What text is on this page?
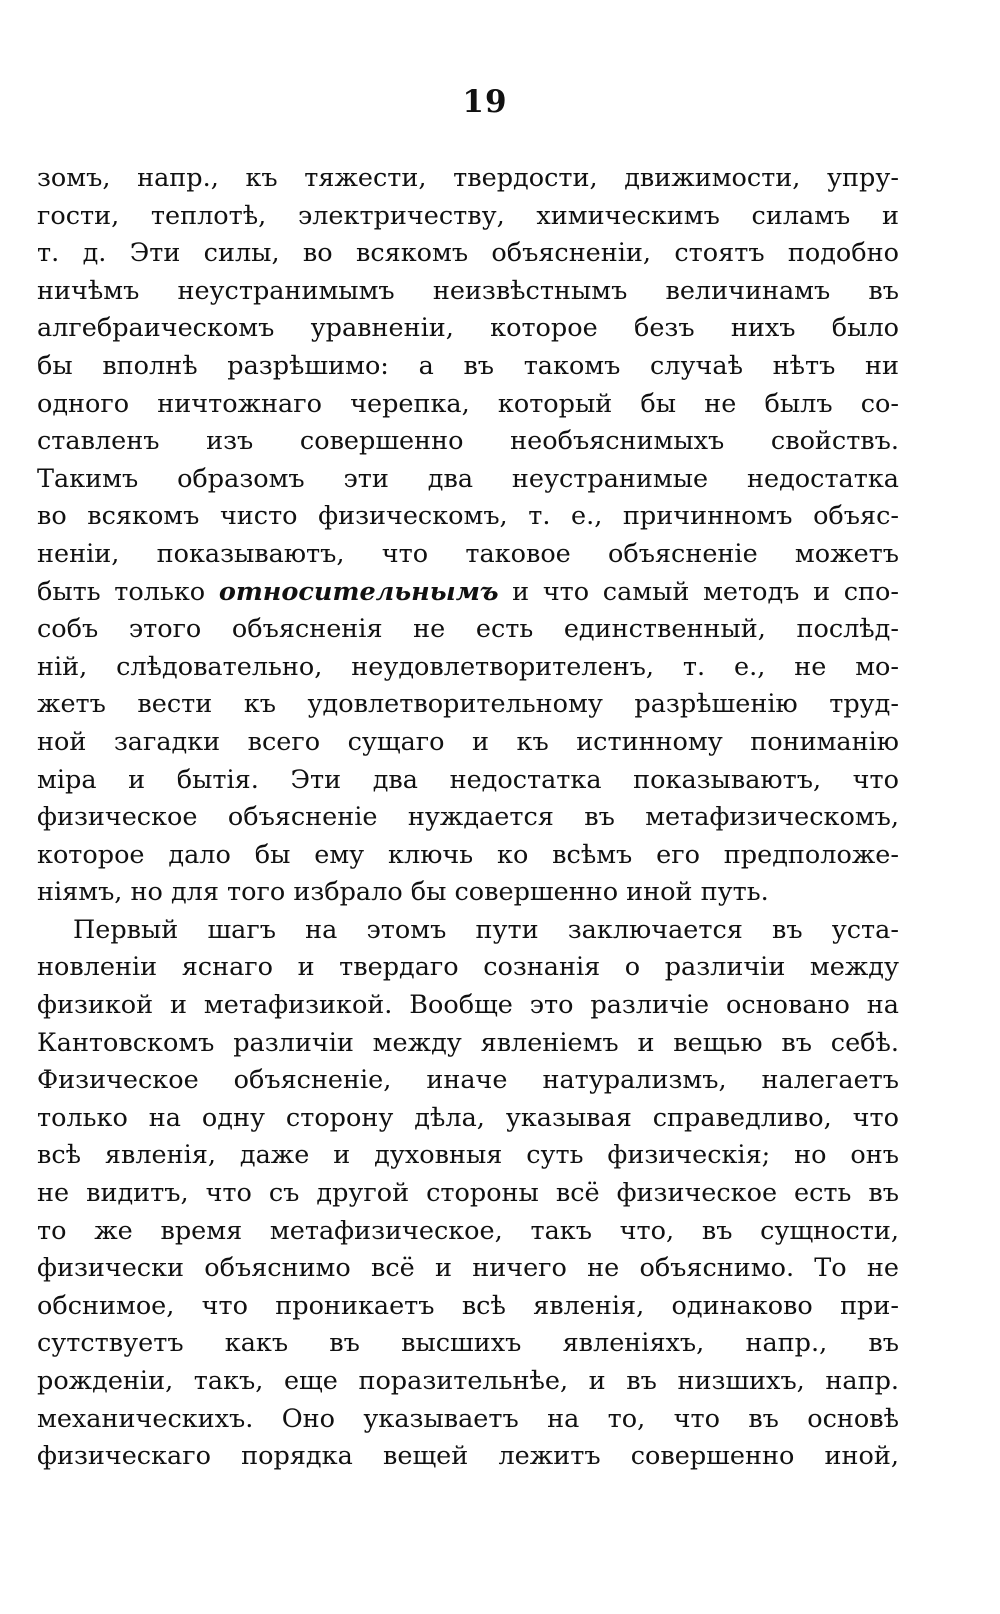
19
зомъ, напр., къ тяжести, твердости, движимости, упру-
гости, теплотѣ, электричеству, химическимъ силамъ и
т. д. Эти силы, во всякомъ объясненіи, стоятъ подобно
ничѣмъ неустранимымъ неизвѣстнымъ величинамъ въ
алгебраическомъ уравненіи, которое безъ нихъ было
бы вполнѣ разрѣшимо: а въ такомъ случаѣ нѣтъ ни
одного ничтожнаго черепка, который бы не былъ со-
ставленъ изъ совершенно необъяснимыхъ свойствъ.
Такимъ образомъ эти два неустранимые недостатка
во всякомъ чисто физическомъ, т. е., причинномъ объяс-
неніи, показываютъ, что таковое объясненіе можетъ
быть только относительнымъ и что самый методъ и спо-
собъ этого объясненія не есть единственный, послѣд-
ній, слѣдовательно, неудовлетворителенъ, т. е., не мо-
жетъ вести къ удовлетворительному разрѣшенію труд-
ной загадки всего сущаго и къ истинному пониманію
міра и бытія. Эти два недостатка показываютъ, что
физическое объясненіе нуждается въ метафизическомъ,
которое дало бы ему ключь ко всѣмъ его предположе-
ніямъ, но для того избрало бы совершенно иной путь.
Первый шагъ на этомъ пути заключается въ уста-
новленіи яснаго и твердаго сознанія о различіи между
физикой и метафизикой. Вообще это различіе основано на
Кантовскомъ различіи между явленіемъ и вещью въ себѣ.
Физическое объясненіе, иначе натурализмъ, налегаетъ
только на одну сторону дѣла, указывая справедливо, что
всѣ явленія, даже и духовныя суть физическія; но онъ
не видитъ, что съ другой стороны всё физическое есть въ
то же время метафизическое, такъ что, въ сущности,
физически объяснимо всё и ничего не объяснимо. То не
обснимое, что проникаетъ всѣ явленія, одинаково при-
сутствуетъ какъ въ высшихъ явленіяхъ, напр., въ
рожденіи, такъ, еще поразительнѣе, и въ низшихъ, напр.
механическихъ. Оно указываетъ на то, что въ основѣ
физическаго порядка вещей лежитъ совершенно иной,
